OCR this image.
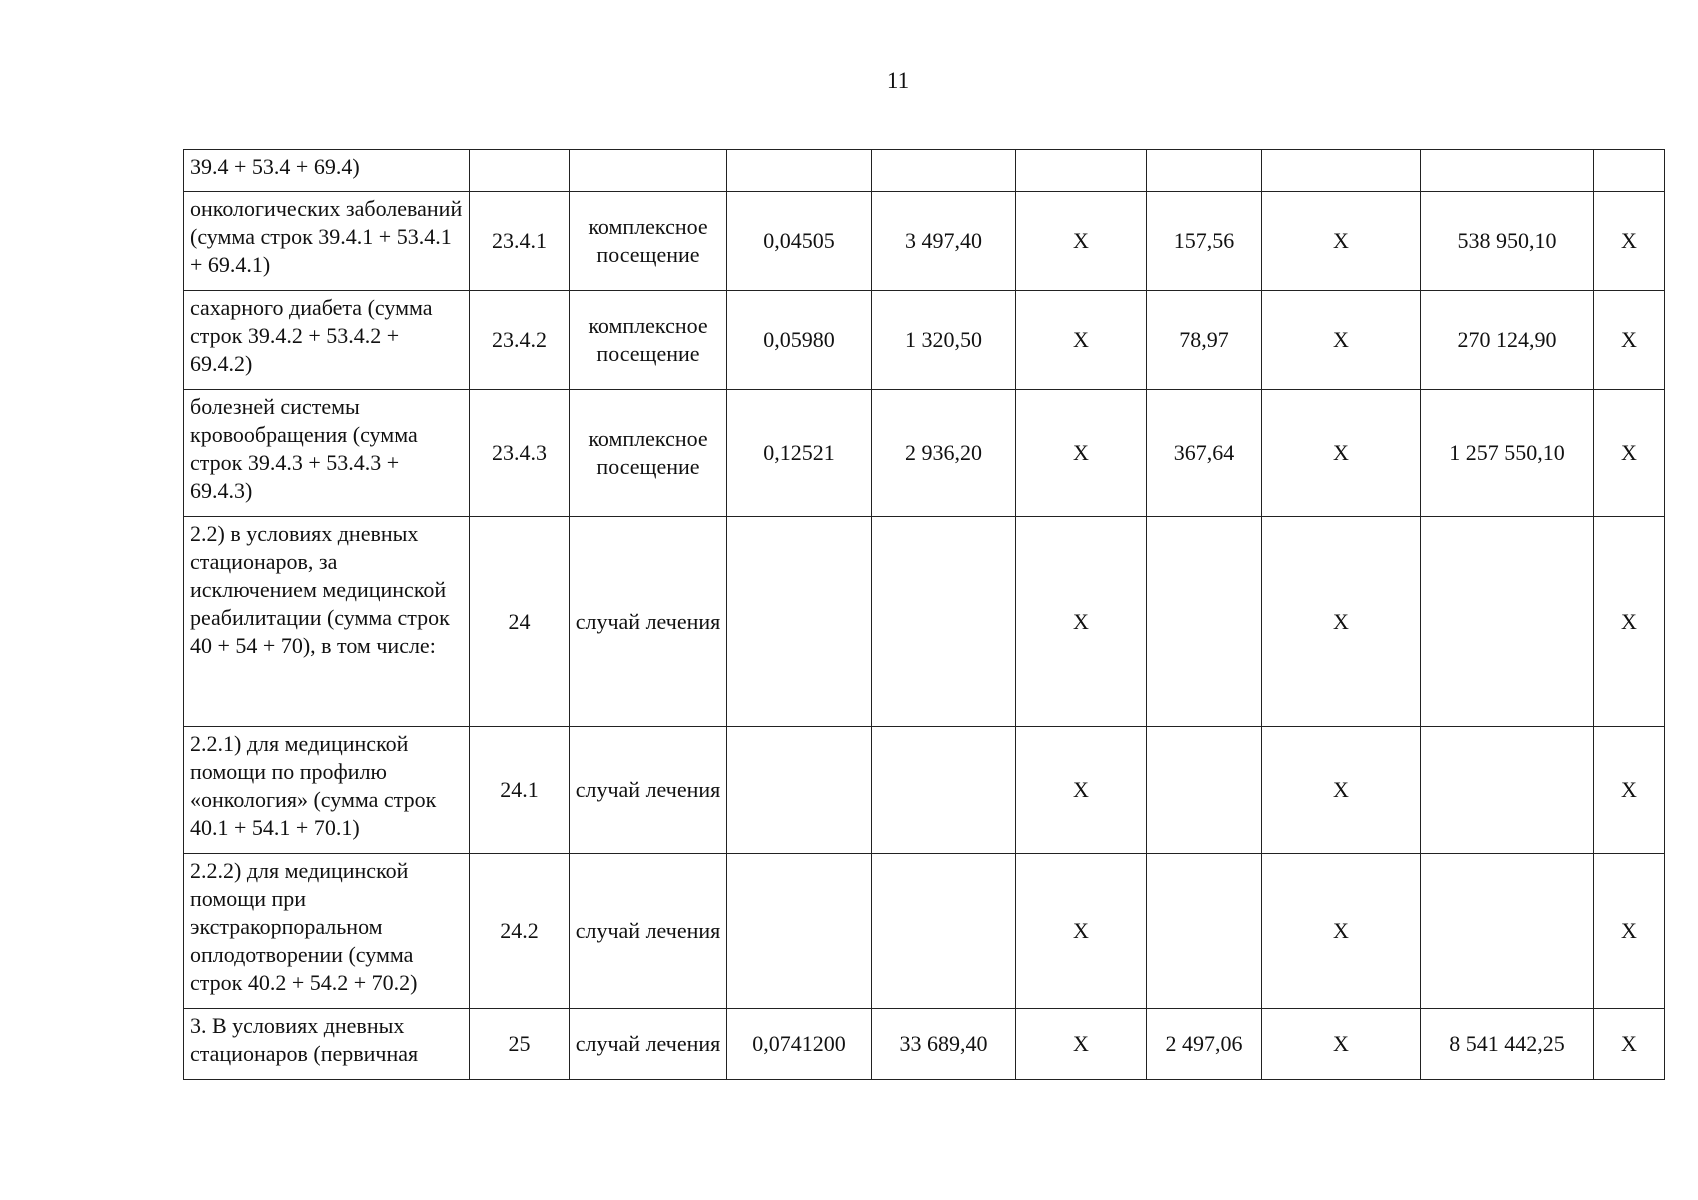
11
39.4 + 53.4 + 69.4)									
онкологических заболеваний (сумма строк 39.4.1 + 53.4.1 + 69.4.1)	23.4.1	комплексное посещение	0,04505	3 497,40	Х	157,56	Х	538 950,10	Х
сахарного диабета (сумма строк 39.4.2 + 53.4.2 + 69.4.2)	23.4.2	комплексное посещение	0,05980	1 320,50	Х	78,97	Х	270 124,90	Х
болезней системы кровообращения (сумма строк 39.4.3 + 53.4.3 + 69.4.3)	23.4.3	комплексное посещение	0,12521	2 936,20	Х	367,64	Х	1 257 550,10	Х
2.2) в условиях дневных стационаров, за исключением медицинской реабилитации (сумма строк 40 + 54 + 70), в том числе:	24	случай лечения			Х		Х		Х
2.2.1) для медицинской помощи по профилю «онкология» (сумма строк 40.1 + 54.1 + 70.1)	24.1	случай лечения			Х		Х		Х
2.2.2) для медицинской помощи при экстракорпоральном оплодотворении (сумма строк 40.2 + 54.2 + 70.2)	24.2	случай лечения			Х		Х		Х
3. В условиях дневных стационаров (первичная	25	случай лечения	0,0741200	33 689,40	Х	2 497,06	Х	8 541 442,25	Х
